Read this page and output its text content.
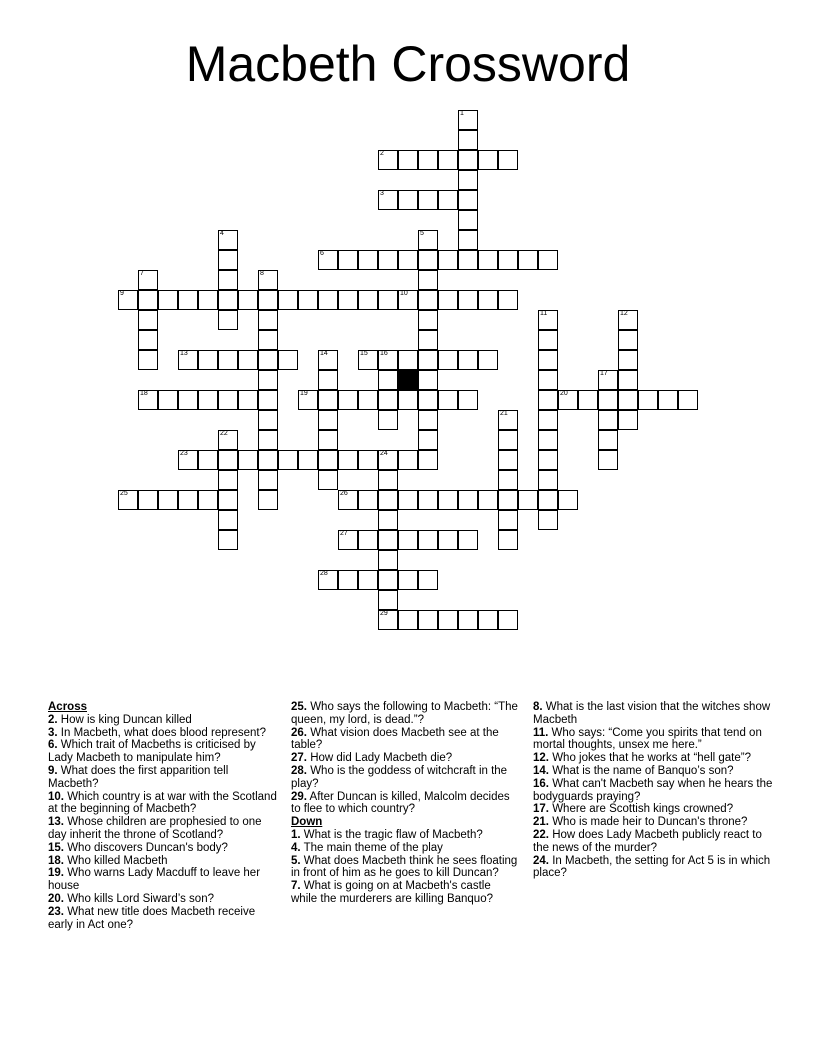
Macbeth Crossword
2
3
6
9	10
13	15 16
18	19	20
23	24
25	26
27
28
29
1
4	5
7	8
11	12
14
17
21
22
Across
2. How is king Duncan killed
3. In Macbeth, what does blood represent?
6. Which trait of Macbeths is criticised by Lady Macbeth to manipulate him?
9. What does the first apparition tell Macbeth?
10. Which country is at war with the Scotland at the beginning of Macbeth?
13. Whose children are prophesied to one day inherit the throne of Scotland?
15. Who discovers Duncan's body?
18. Who killed Macbeth
19. Who warns Lady Macduff to leave her house
20. Who kills Lord Siward’s son?
23. What new title does Macbeth receive early in Act one?
25. Who says the following to Macbeth: “The queen, my lord, is dead.”?
26. What vision does Macbeth see at the table?
27. How did Lady Macbeth die?
28. Who is the goddess of witchcraft in the play?
29. After Duncan is killed, Malcolm decides to flee to which country?
Down
1. What is the tragic flaw of Macbeth?
4. The main theme of the play
5. What does Macbeth think he sees floating in front of him as he goes to kill Duncan?
7. What is going on at Macbeth's castle while the murderers are killing Banquo?
8. What is the last vision that the witches show Macbeth
11. Who says: “Come you spirits that tend on mortal thoughts, unsex me here.”
12. Who jokes that he works at “hell gate”?
14. What is the name of Banquo’s son?
16. What can't Macbeth say when he hears the bodyguards praying?
17. Where are Scottish kings crowned?
21. Who is made heir to Duncan's throne?
22. How does Lady Macbeth publicly react to the news of the murder?
24. In Macbeth, the setting for Act 5 is in which place?
